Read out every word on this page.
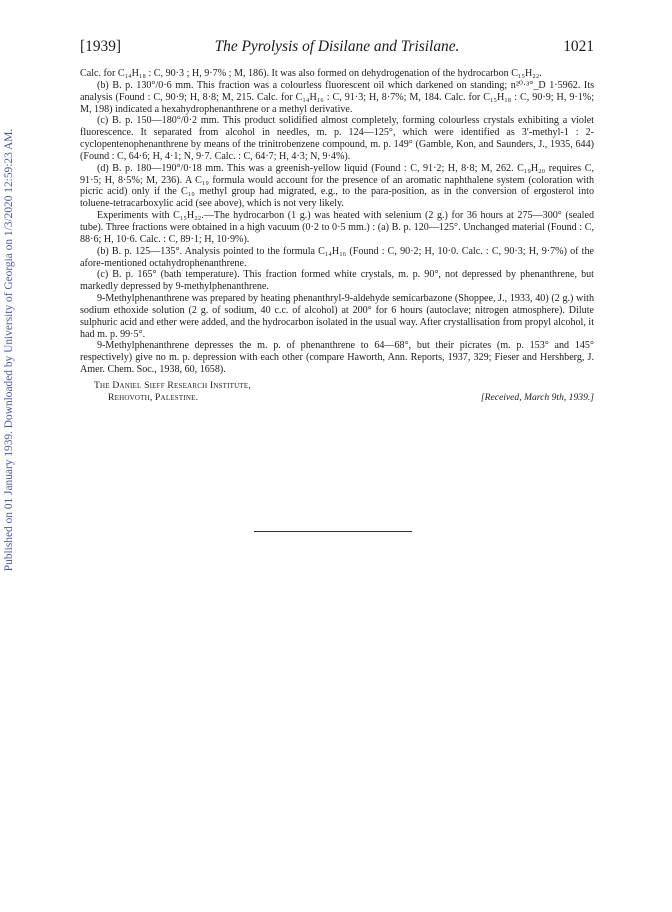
Published on 01 January 1939. Downloaded by University of Georgia on 1/3/2020 12:59:23 AM.
[1939]	The Pyrolysis of Disilane and Trisilane.	1021

Calc. for C₁₄H₁₈ : C, 90·3 ; H, 9·7% ; M, 186). It was also formed on dehydrogenation of the hydrocarbon C₁₅H₂₂.

(b) B. p. 130°/0·6 mm. This fraction was a colourless fluorescent oil which darkened on standing; n²⁰·³°_D 1·5962. Its analysis (Found : C, 90·9; H, 8·8; M, 215. Calc. for C₁₄H₁₆ : C, 91·3; H, 8·7%; M, 184. Calc. for C₁₅H₁₈ : C, 90·9; H, 9·1%; M, 198) indicated a hexahydrophenanthrene or a methyl derivative.

(c) B. p. 150—180°/0·2 mm. This product solidified almost completely, forming colourless crystals exhibiting a violet fluorescence. It separated from alcohol in needles, m. p. 124—125°, which were identified as 3′-methyl-1 : 2-cyclopentenophenanthrene by means of the trinitrobenzene compound, m. p. 149° (Gamble, Kon, and Saunders, J., 1935, 644) (Found : C, 64·6; H, 4·1; N, 9·7. Calc. : C, 64·7; H, 4·3; N, 9·4%).

(d) B. p. 180—190°/0·18 mm. This was a greenish-yellow liquid (Found : C, 91·2; H, 8·8; M, 262. C₁₉H₂₀ requires C, 91·5; H, 8·5%; M, 236). A C₁₉ formula would account for the presence of an aromatic naphthalene system (coloration with picric acid) only if the C₁₀ methyl group had migrated, e.g., to the para-position, as in the conversion of ergosterol into toluene-tetracarboxylic acid (see above), which is not very likely.

Experiments with C₁₅H₂₂.—The hydrocarbon (1 g.) was heated with selenium (2 g.) for 36 hours at 275—300° (sealed tube). Three fractions were obtained in a high vacuum (0·2 to 0·5 mm.) : (a) B. p. 120—125°. Unchanged material (Found : C, 88·6; H, 10·6. Calc. : C, 89·1; H, 10·9%).

(b) B. p. 125—135°. Analysis pointed to the formula C₁₄H₁₆ (Found : C, 90·2; H, 10·0. Calc. : C, 90·3; H, 9·7%) of the afore-mentioned octahydrophenanthrene.

(c) B. p. 165° (bath temperature). This fraction formed white crystals, m. p. 90°, not depressed by phenanthrene, but markedly depressed by 9-methylphenanthrene.

9-Methylphenanthrene was prepared by heating phenanthryl-9-aldehyde semicarbazone (Shoppee, J., 1933, 40) (2 g.) with sodium ethoxide solution (2 g. of sodium, 40 c.c. of alcohol) at 200° for 6 hours (autoclave; nitrogen atmosphere). Dilute sulphuric acid and ether were added, and the hydrocarbon isolated in the usual way. After crystallisation from propyl alcohol, it had m. p. 99·5°.

9-Methylphenanthrene depresses the m. p. of phenanthrene to 64—68°, but their picrates (m. p. 153° and 145° respectively) give no m. p. depression with each other (compare Haworth, Ann. Reports, 1937, 329; Fieser and Hershberg, J. Amer. Chem. Soc., 1938, 60, 1658).

The Daniel Sieff Research Institute,
Rehovoth, Palestine.	[Received, March 9th, 1939.]
